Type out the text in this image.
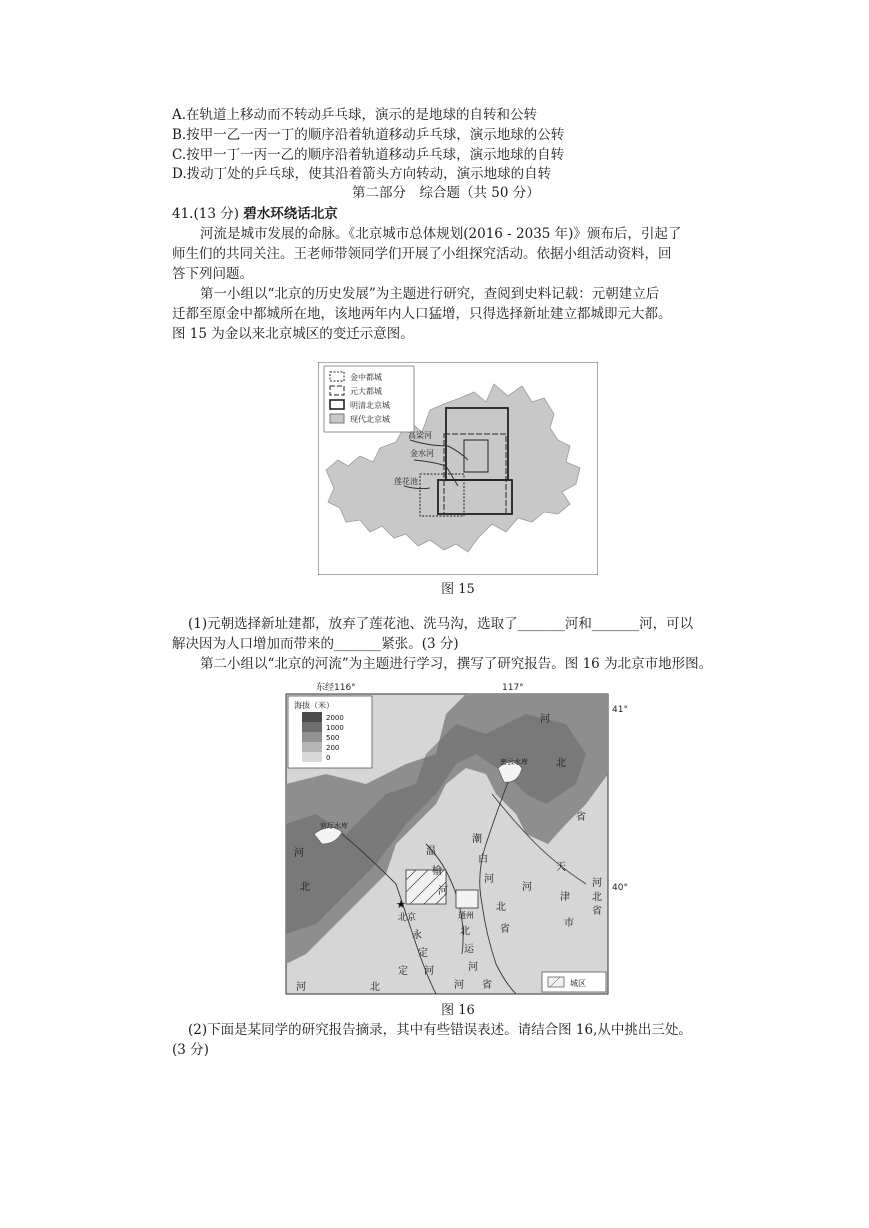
A.在轨道上移动而不转动乒乓球，演示的是地球的自转和公转
B.按甲一乙一丙一丁的顺序沿着轨道移动乒乓球，演示地球的公转
C.按甲一丁一丙一乙的顺序沿着轨道移动乒乓球，演示地球的自转
D.拨动丁处的乒乓球，使其沿着箭头方向转动，演示地球的自转
第二部分　综合题（共 50 分）
41.(13 分) 碧水环绕话北京
河流是城市发展的命脉。《北京城市总体规划(2016 - 2035 年)》颁布后，引起了
师生们的共同关注。王老师带领同学们开展了小组探究活动。依据小组活动资料，回
答下列问题。
第一小组以“北京的历史发展”为主题进行研究，查阅到史料记载：元朝建立后
迁都至原金中都城所在地，该地两年内人口猛增，只得选择新址建立都城即元大都。
图 15 为金以来北京城区的变迁示意图。
金中都城
元大都城
明清北京城
现代北京城
高梁河
金水河
莲花池
图 15
(1)元朝选择新址建都，放弃了莲花池、洗马沟，选取了_______河和_______河，可以
解决因为人口增加而带来的_______紧张。(3 分)
第二小组以“北京的河流”为主题进行学习，撰写了研究报告。图 16 为北京市地形图。
东经116°	117°
41°
40°
★
北京	通州
密云水库
官厅水库
温
榆
河
潮
白
河
北
运
河
永
定
河
河
北
河
北
省
河
北
省
天
津
市
河
北
省
河	北
定
河 省
海拔（米）
2000
1000
500
200
0
城区
图 16
(2)下面是某同学的研究报告摘录，其中有些错误表述。请结合图 16,从中挑出三处。
(3 分)
